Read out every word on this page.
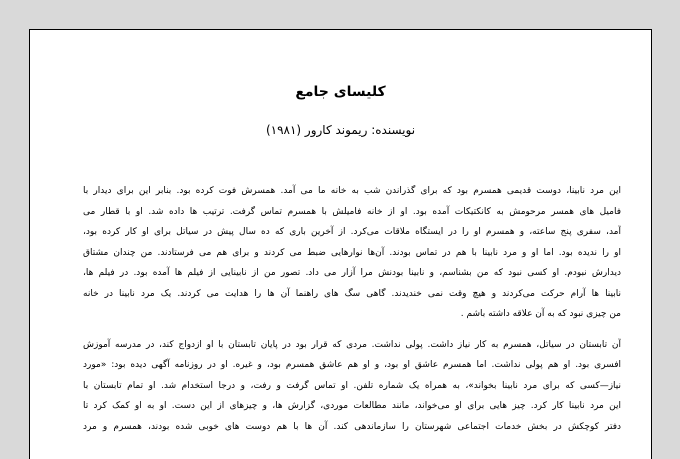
کلیسای جامع
نویسنده: ریموند کارور (۱۹۸۱)
این مرد نابینا، دوست قدیمی همسرم بود که برای گذراندن شب به خانه ما می آمد. همسرش فوت کرده بود. بنابر این برای دیدار با
فامیل های همسر مرحومش به کانکتیکات آمده بود. او از خانه فامیلش با همسرم تماس گرفت. ترتیب ها داده شد. او با قطار می
آمد، سفری پنج ساعته، و همسرم او را در ایستگاه ملاقات می‌کرد. از آخرین باری که ده سال پیش در سیاتل برای او کار کرده بود،
او را ندیده بود. اما او و مرد نابینا با هم در تماس بودند. آن‌ها نوارهایی ضبط می کردند و برای هم می فرستادند. من چندان مشتاق
دیدارش نبودم. او کسی نبود که من بشناسم، و نابینا بودنش مرا آزار می داد. تصور من از نابینایی از فیلم ها آمده بود. در فیلم ها،
نابینا ها آرام حرکت می‌کردند و هیچ وقت نمی خندیدند. گاهی سگ های راهنما آن ها را هدایت می کردند. یک مرد نابینا در خانه
من چیزی نبود که به آن علاقه داشته باشم .
آن تابستان در سیاتل، همسرم به کار نیاز داشت. پولی نداشت. مردی که قرار بود در پایان تابستان با او ازدواج کند، در مدرسه آموزش
افسری بود. او هم پولی نداشت. اما همسرم عاشق او بود، و او هم عاشق همسرم بود، و غیره. او در روزنامه آگهی دیده بود: «مورد
نیاز—کسی که برای مرد نابینا بخواند»، به همراه یک شماره تلفن. او تماس گرفت و رفت، و درجا استخدام شد. او تمام تابستان با
این مرد نابینا کار کرد. چیز هایی برای او می‌خواند، مانند مطالعات موردی، گزارش ها، و چیزهای از این دست. او به او کمک کرد تا
دفتر کوچکش در بخش خدمات اجتماعی شهرستان را سازماندهی کند. آن ها با هم دوست های خوبی شده بودند، همسرم و مرد
